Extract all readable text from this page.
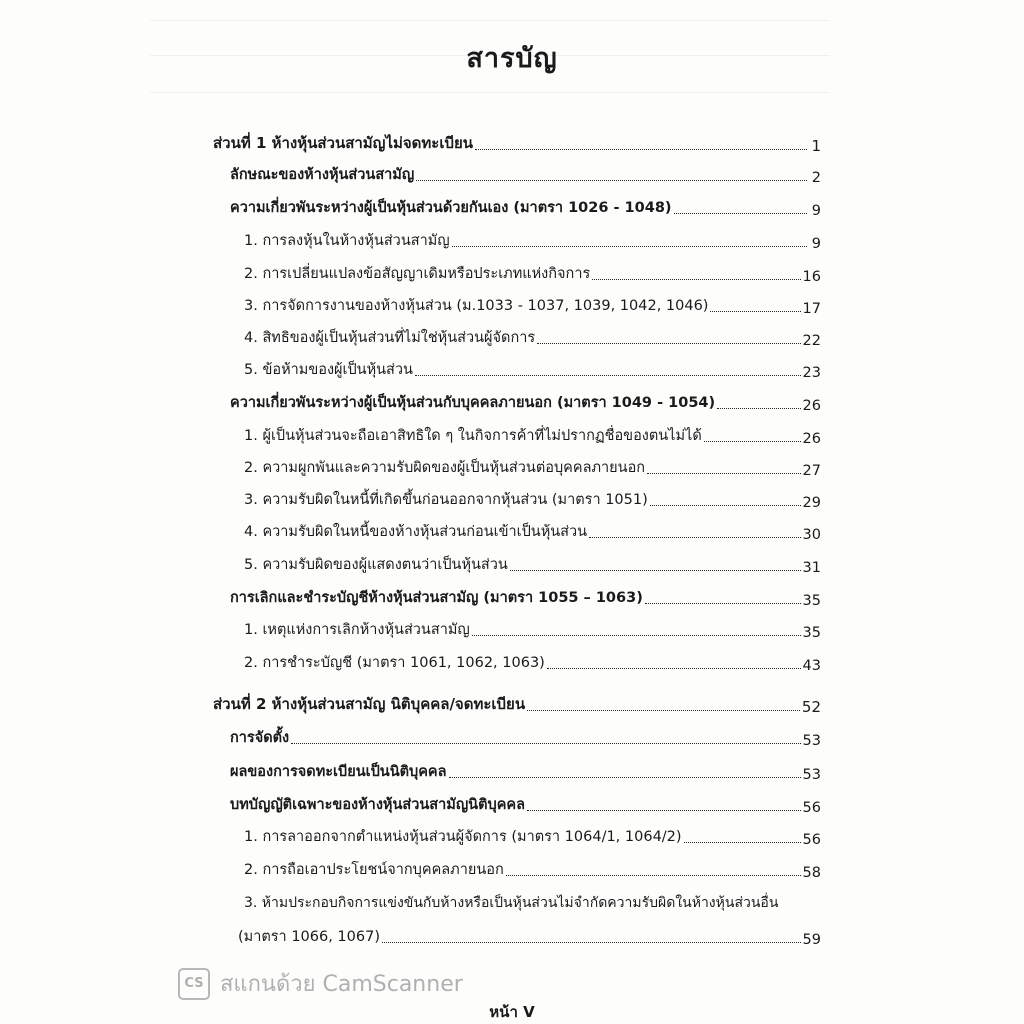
สารบัญ
ส่วนที่ 1 ห้างหุ้นส่วนสามัญไม่จดทะเบียน	1
ลักษณะของห้างหุ้นส่วนสามัญ	2
ความเกี่ยวพันระหว่างผู้เป็นหุ้นส่วนด้วยกันเอง (มาตรา 1026 - 1048)	9
1. การลงหุ้นในห้างหุ้นส่วนสามัญ	9
2. การเปลี่ยนแปลงข้อสัญญาเดิมหรือประเภทแห่งกิจการ	16
3. การจัดการงานของห้างหุ้นส่วน (ม.1033 - 1037, 1039, 1042, 1046)	17
4. สิทธิของผู้เป็นหุ้นส่วนที่ไม่ใช่หุ้นส่วนผู้จัดการ	22
5. ข้อห้ามของผู้เป็นหุ้นส่วน	23
ความเกี่ยวพันระหว่างผู้เป็นหุ้นส่วนกับบุคคลภายนอก (มาตรา 1049 - 1054)	26
1. ผู้เป็นหุ้นส่วนจะถือเอาสิทธิใด ๆ ในกิจการค้าที่ไม่ปรากฏชื่อของตนไม่ได้	26
2. ความผูกพันและความรับผิดของผู้เป็นหุ้นส่วนต่อบุคคลภายนอก	27
3. ความรับผิดในหนี้ที่เกิดขึ้นก่อนออกจากหุ้นส่วน (มาตรา 1051)	29
4. ความรับผิดในหนี้ของห้างหุ้นส่วนก่อนเข้าเป็นหุ้นส่วน	30
5. ความรับผิดของผู้แสดงตนว่าเป็นหุ้นส่วน	31
การเลิกและชำระบัญชีห้างหุ้นส่วนสามัญ (มาตรา 1055 – 1063)	35
1. เหตุแห่งการเลิกห้างหุ้นส่วนสามัญ	35
2. การชำระบัญชี (มาตรา 1061, 1062, 1063)	43
ส่วนที่ 2 ห้างหุ้นส่วนสามัญ นิติบุคคล/จดทะเบียน	52
การจัดตั้ง	53
ผลของการจดทะเบียนเป็นนิติบุคคล	53
บทบัญญัติเฉพาะของห้างหุ้นส่วนสามัญนิติบุคคล	56
1. การลาออกจากตำแหน่งหุ้นส่วนผู้จัดการ (มาตรา 1064/1, 1064/2)	56
2. การถือเอาประโยชน์จากบุคคลภายนอก	58
3. ห้ามประกอบกิจการแข่งขันกับห้างหรือเป็นหุ้นส่วนไม่จำกัดความรับผิดในห้างหุ้นส่วนอื่น
(มาตรา 1066, 1067)	59
CS สแกนด้วย CamScanner
หน้า V
